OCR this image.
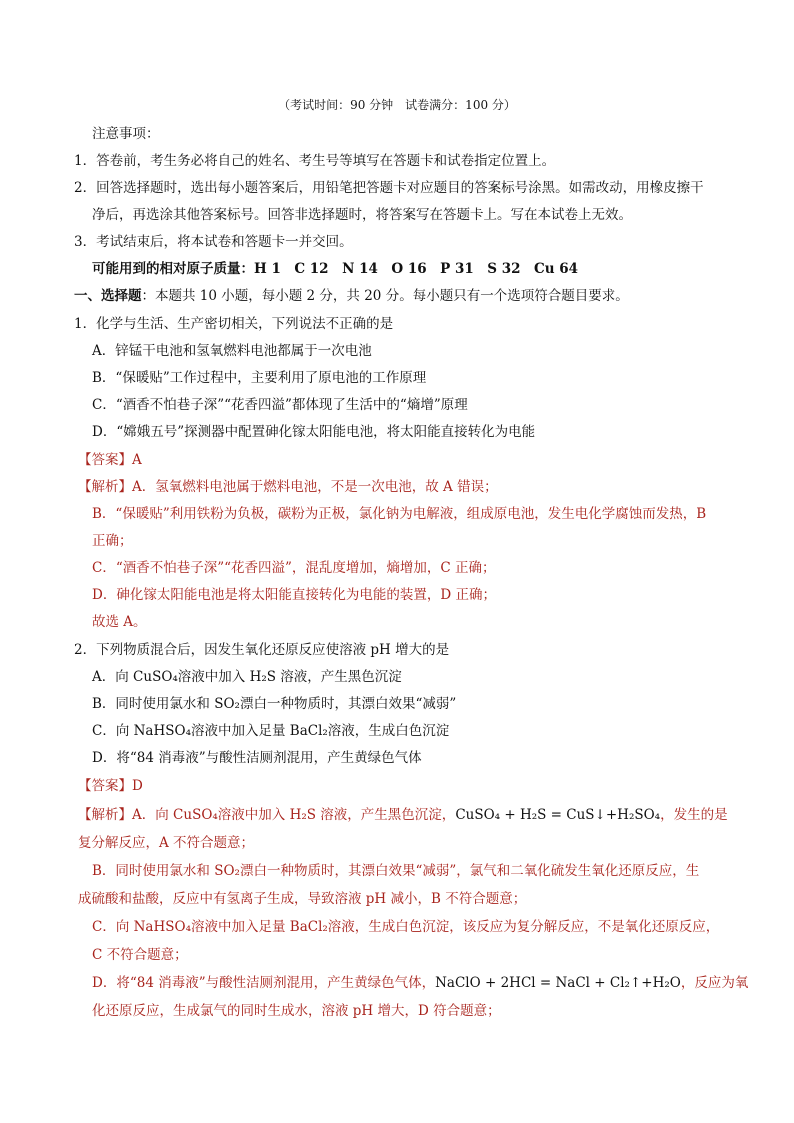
（考试时间：90 分钟　试卷满分：100 分）
注意事项：
1．答卷前，考生务必将自己的姓名、考生号等填写在答题卡和试卷指定位置上。
2．回答选择题时，选出每小题答案后，用铅笔把答题卡对应题目的答案标号涂黑。如需改动，用橡皮擦干
净后，再选涂其他答案标号。回答非选择题时，将答案写在答题卡上。写在本试卷上无效。
3．考试结束后，将本试卷和答题卡一并交回。
可能用到的相对原子质量：H 1　C 12　N 14　O 16　P 31　S 32　Cu 64
一、选择题：本题共 10 小题，每小题 2 分，共 20 分。每小题只有一个选项符合题目要求。
1．化学与生活、生产密切相关，下列说法不正确的是
A．锌锰干电池和氢氧燃料电池都属于一次电池
B．“保暖贴”工作过程中，主要利用了原电池的工作原理
C．“酒香不怕巷子深”“花香四溢”都体现了生活中的“熵增”原理
D．“嫦娥五号”探测器中配置砷化镓太阳能电池，将太阳能直接转化为电能
【答案】A
【解析】A．氢氧燃料电池属于燃料电池，不是一次电池，故 A 错误；
B．“保暖贴”利用铁粉为负极，碳粉为正极，氯化钠为电解液，组成原电池，发生电化学腐蚀而发热，B
正确；
C．“酒香不怕巷子深”“花香四溢”，混乱度增加，熵增加，C 正确；
D．砷化镓太阳能电池是将太阳能直接转化为电能的装置，D 正确；
故选 A。
2．下列物质混合后，因发生氧化还原反应使溶液 pH 增大的是
A．向 CuSO₄溶液中加入 H₂S 溶液，产生黑色沉淀
B．同时使用氯水和 SO₂漂白一种物质时，其漂白效果“减弱”
C．向 NaHSO₄溶液中加入足量 BaCl₂溶液，生成白色沉淀
D．将“84 消毒液”与酸性洁厕剂混用，产生黄绿色气体
【答案】D
【解析】A．向 CuSO₄溶液中加入 H₂S 溶液，产生黑色沉淀，CuSO₄ + H₂S = CuS↓+H₂SO₄，发生的是
复分解反应，A 不符合题意；
B．同时使用氯水和 SO₂漂白一种物质时，其漂白效果“减弱”，氯气和二氧化硫发生氧化还原反应，生
成硫酸和盐酸，反应中有氢离子生成，导致溶液 pH 减小，B 不符合题意；
C．向 NaHSO₄溶液中加入足量 BaCl₂溶液，生成白色沉淀，该反应为复分解反应，不是氧化还原反应，
C 不符合题意；
D．将“84 消毒液”与酸性洁厕剂混用，产生黄绿色气体，NaClO + 2HCl = NaCl + Cl₂↑+H₂O，反应为氧
化还原反应，生成氯气的同时生成水，溶液 pH 增大，D 符合题意；
